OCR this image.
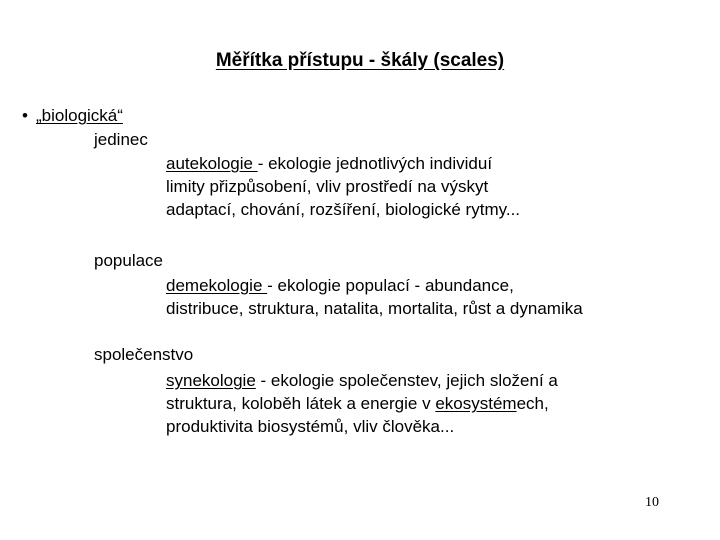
Měřítka přístupu - škály (scales)
• „biologická“
jedinec
autekologie - ekologie jednotlivých individuí
limity přizpůsobení, vliv prostředí na výskyt
adaptací, chování, rozšíření, biologické rytmy...
populace
demekologie - ekologie populací - abundance,
distribuce, struktura, natalita, mortalita, růst a dynamika
společenstvo
synekologie - ekologie společenstev, jejich složení a
struktura, koloběh látek a energie v ekosystémech,
produktivita biosystémů, vliv člověka...
10
